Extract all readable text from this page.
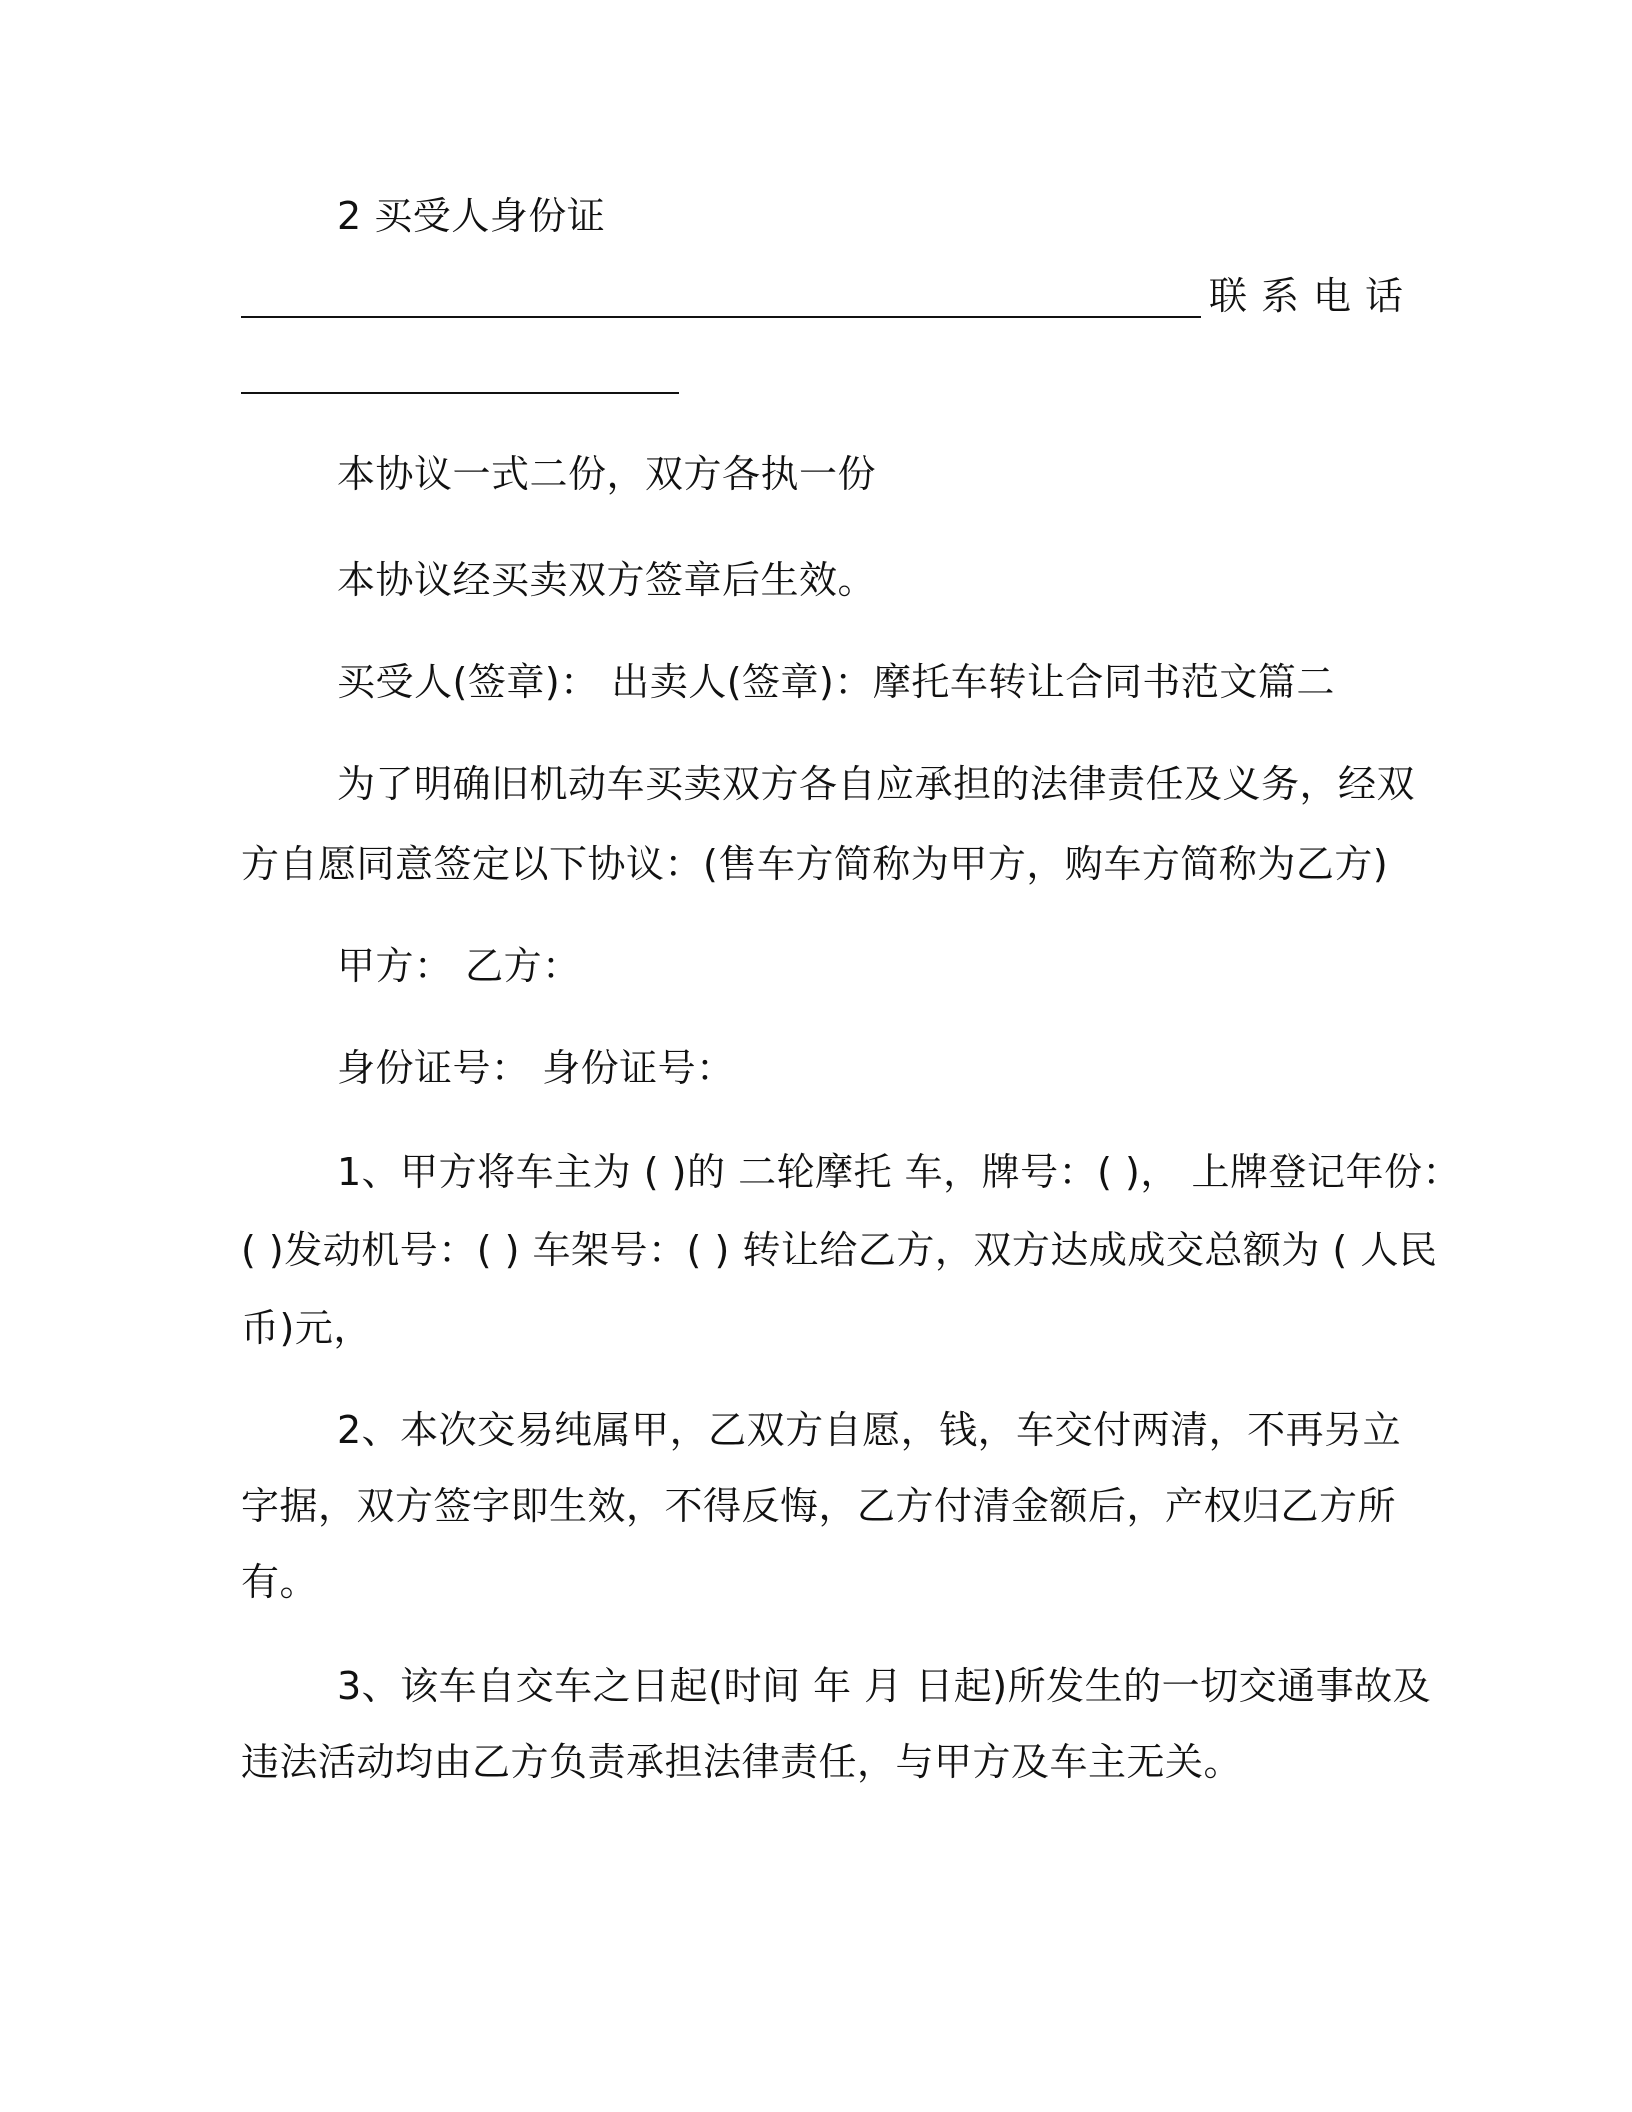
2 买受人身份证
联系电话
本协议一式二份，双方各执一份
本协议经买卖双方签章后生效。
买受人(签章)： 出卖人(签章)：摩托车转让合同书范文篇二
为了明确旧机动车买卖双方各自应承担的法律责任及义务，经双
方自愿同意签定以下协议：(售车方简称为甲方，购车方简称为乙方)
甲方： 乙方：
身份证号： 身份证号：
1、甲方将车主为 ( )的 二轮摩托 车，牌号：( )， 上牌登记年份：
( )发动机号：( ) 车架号：( ) 转让给乙方，双方达成成交总额为 ( 人民
币)元，
2、本次交易纯属甲，乙双方自愿，钱，车交付两清，不再另立
字据，双方签字即生效，不得反悔，乙方付清金额后，产权归乙方所
有。
3、该车自交车之日起(时间 年 月 日起)所发生的一切交通事故及
违法活动均由乙方负责承担法律责任，与甲方及车主无关。
